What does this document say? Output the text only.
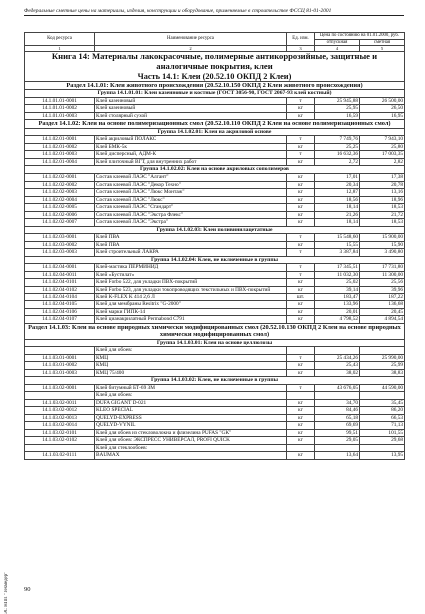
Федеральные сметные цены на материалы, изделия, конструкции и оборудование, применяемые в строительстве ФССЦ 81-01-2001
Код ресурса	Наименование ресурса	Ед. изм.	Цена по состоянию на 01.01.2000, руб.	
			отпускная	сметная
1	2	3	4	5
Книга 14: Материалы лакокрасочные, полимерные антикоррозийные, защитные и аналогичные покрытия, клеи				
Часть 14.1: Клеи (20.52.10 ОКПД 2 Клеи)				
Раздел 14.1.01: Клеи животного происхождения (20.52.10.150 ОКПД 2 Клеи животного происхождения)				
Группа 14.1.01.01: Клеи казеиновые и костные (ГОСТ 3056-90, ГОСТ 2067-93 клей костный)				
14.1.01.01-0001	Клей казеиновый	т	25 945,88	26 500,00
14.1.01.01-0002	Клей казеиновый	кг	25,95	26,50
14.1.01.01-0003	Клей столярный сухой	кг	16,59	16,95
Раздел 14.1.02: Клеи на основе полимеризационных смол (20.52.10.110 ОКПД 2 Клеи на основе полимеризационных смол)				
Группа 14.1.02.01: Клеи на акриловой основе				
14.1.02.01-0001	Клей акриловый ПОЛАКС	т	7 749,76	7 943,10
14.1.02.01-0002	Клей БМК-5к	кг	25,25	25,80
14.1.02.01-0003	Клей дисперсный, АДМ-К	т	16 632,36	17 003,35
14.1.02.01-0004	Клей плиточный ВГТ, для внутренних работ	кг	2,72	2,82
Группа 14.1.02.02: Клеи на основе акриловых сополимеров				
14.1.02.02-0001	Состав клеевой ЛАЭС "Алгант"	кг	17,01	17,38
14.1.02.02-0002	Состав клеевой ЛАЭС "Декор Техно"	кг	20,34	20,78
14.1.02.02-0003	Состав клеевой ЛАЭС "Люкс Монтаж"	кг	12,87	13,16
14.1.02.02-0004	Состав клеевой ЛАЭС "Люкс"	кг	18,56	18,96
14.1.02.02-0005	Состав клеевой ЛАЭС "Стандарт"	кг	18,14	18,53
14.1.02.02-0006	Состав клеевой ЛАЭС "Экстра Флекс"	кг	21,26	21,72
14.1.02.02-0007	Состав клеевой ЛАЭС "Экстра"	кг	18,14	18,53
Группа 14.1.02.03: Клеи поливинилацетатные				
14.1.02.03-0001	Клей ПВА	т	15 548,60	15 900,00
14.1.02.03-0002	Клей ПВА	кг	15,55	15,90
14.1.02.03-0003	Клей строительный ЛАКРА	т	3 387,84	3 490,80
Группа 14.1.02.04: Клеи, не включенные в группы				
14.1.02.04-0001	Клей-мастика ПЕРМИНИД	т	17 345,51	17 731,80
14.1.02.04-0011	Клей «Бустилат»	т	11 032,30	11 300,00
14.1.02.04-0101	Клей Forbo 522, для укладки ПВХ-покрытий	кг	25,02	25,56
14.1.02.04-0102	Клей Forbo 523, для укладки токопроводящих текстильных и ПВХ-покрытий	кг	39,14	39,96
14.1.02.04-0104	Клей K-FLEX K 414 2,6 Л	шт.	183,47	187,22
14.1.02.04-0105	Клей для мембраны Resitrix "G-2000"	кг	133,96	136,68
14.1.02.04-0106	Клей марки ГИПК-14	кг	20,01	20,45
14.1.02.04-0107	Клей цианакрилатный Permabond C791	кг	4 798,52	4 894,54
Раздел 14.1.03: Клеи на основе природных химически модифицированных смол (20.52.10.130 ОКПД 2 Клеи на основе природных химически модифицированных смол)				
Группа 14.1.03.01: Клеи на основе целлюлозы				
	Клей для обоев:			
14.1.03.01-0001	КМЦ	т	25 434,26	25 990,00
14.1.03.01-0002	КМЦ	кг	25,43	25,99
14.1.03.01-0003	КМЦ 75/400	кг	38,02	38,83
Группа 14.1.03.02: Клеи, не включенные в группы				
14.1.03.02-0001	Клей битумный БТ-69 ЗМ	т	43 676,05	44 590,00
	Клей для обоев:			
14.1.03.02-0011	DUFA GIGANT D-021	кг	34,70	35,45
14.1.03.02-0012	KLEO SPECIAL	кг	84,46	86,20
14.1.03.02-0013	QUELYD-EXPRESS	кг	65,18	66,53
14.1.03.02-0014	QUELYD-VYNIL	кг	69,69	71,13
14.1.03.02-0101	Клей для обоев из стекловолокна и флизелина PUFAS "GK"	кг	99,51	101,55
14.1.03.02-0102	Клей для обоев: ЭКСПРЕСС УНИВЕРСАЛ, PROFI QUICK	кг	29,05	29,68
	Клей для стеклообоев:			
14.1.03.02-0111	BAUMAX	кг	13,64	13,95
ЭС НПП "Техмедер"	90
